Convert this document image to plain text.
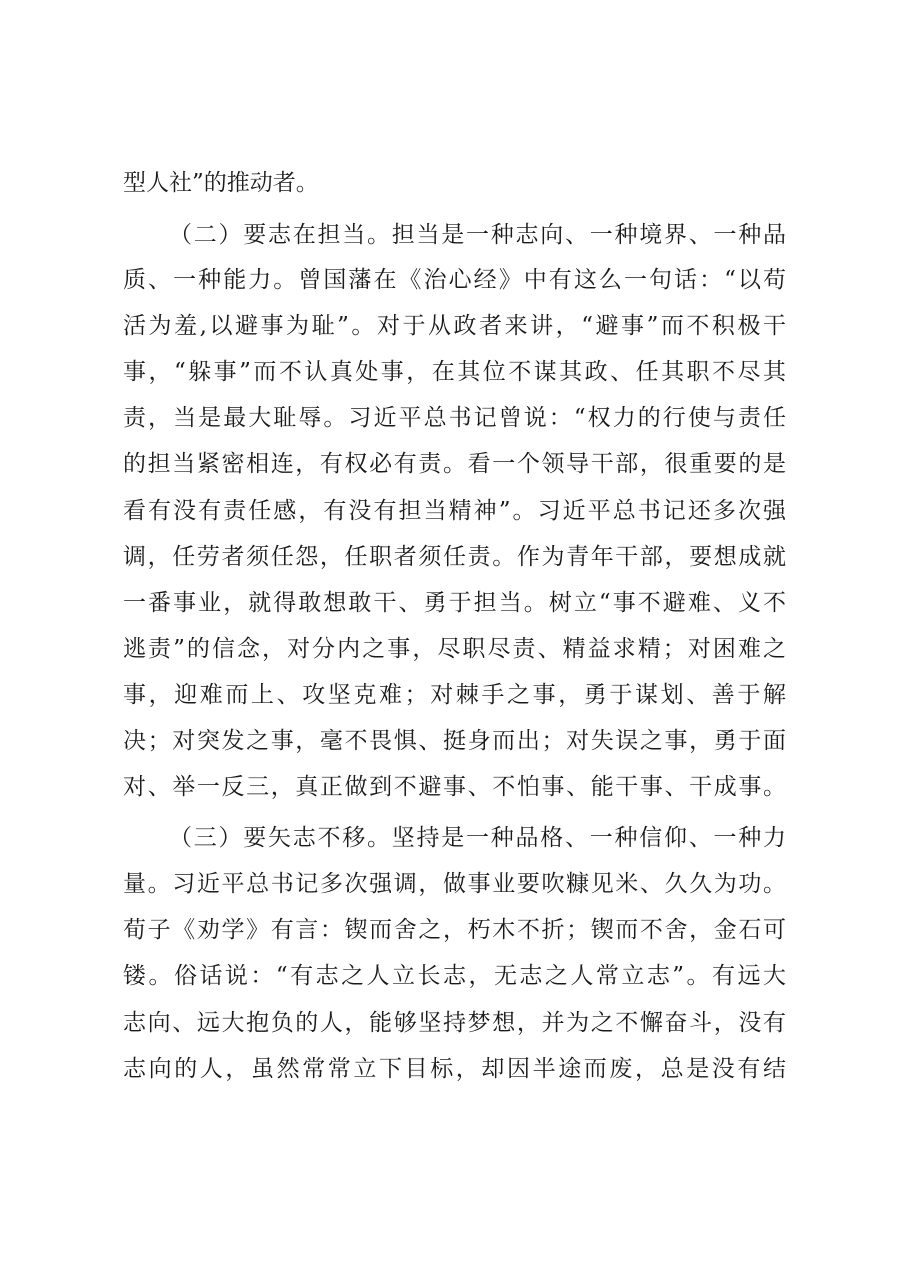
型人社”的推动者。
（二）要志在担当。担当是一种志向、一种境界、一种品
质、一种能力。曾国藩在《治心经》中有这么一句话：“以苟
活为羞,以避事为耻”。对于从政者来讲，“避事”而不积极干
事，“躲事”而不认真处事，在其位不谋其政、任其职不尽其
责，当是最大耻辱。习近平总书记曾说：“权力的行使与责任
的担当紧密相连，有权必有责。看一个领导干部，很重要的是
看有没有责任感，有没有担当精神”。习近平总书记还多次强
调，任劳者须任怨，任职者须任责。作为青年干部，要想成就
一番事业，就得敢想敢干、勇于担当。树立“事不避难、义不
逃责”的信念，对分内之事，尽职尽责、精益求精；对困难之
事，迎难而上、攻坚克难；对棘手之事，勇于谋划、善于解
决；对突发之事，毫不畏惧、挺身而出；对失误之事，勇于面
对、举一反三，真正做到不避事、不怕事、能干事、干成事。
（三）要矢志不移。坚持是一种品格、一种信仰、一种力
量。习近平总书记多次强调，做事业要吹糠见米、久久为功。
荀子《劝学》有言：锲而舍之，朽木不折；锲而不舍，金石可
镂。俗话说：“有志之人立长志，无志之人常立志”。有远大
志向、远大抱负的人，能够坚持梦想，并为之不懈奋斗，没有
志向的人，虽然常常立下目标，却因半途而废，总是没有结
